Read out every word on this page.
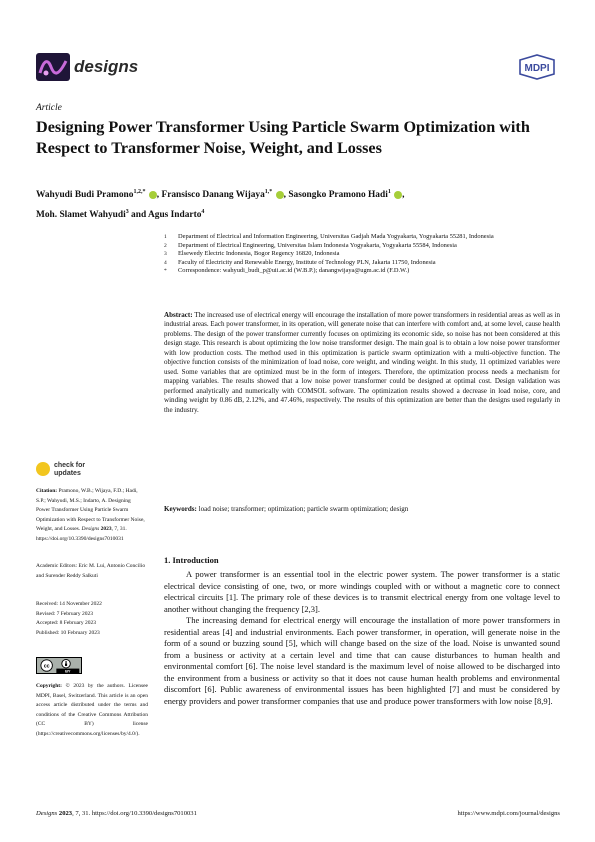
designs	MDPI
Article
Designing Power Transformer Using Particle Swarm Optimization with Respect to Transformer Noise, Weight, and Losses
Wahyudi Budi Pramono$^{1,2,*}$ , Fransisco Danang Wijaya$^{1,*}$ , Sasongko Pramono Hadi$^1$ ,
Moh. Slamet Wahyudi$^3$ and Agus Indarto$^4$
1 Department of Electrical and Information Engineering, Universitas Gadjah Mada Yogyakarta, Yogyakarta 55281, Indonesia
2 Department of Electrical Engineering, Universitas Islam Indonesia Yogyakarta, Yogyakarta 55584, Indonesia
3 Elsewedy Electric Indonesia, Bogor Regency 16820, Indonesia
4 Faculty of Electricity and Renewable Energy, Institute of Technology PLN, Jakarta 11750, Indonesia
* Correspondence: wahyudi_budi_p@uii.ac.id (W.B.P.); danangwijaya@ugm.ac.id (F.D.W.)
Abstract: The increased use of electrical energy will encourage the installation of more power transformers in residential areas as well as in industrial areas. Each power transformer, in its operation, will generate noise that can interfere with comfort and, at some level, cause health problems. The design of the power transformer currently focuses on optimizing its economic side, so noise has not been considered at this design stage. This research is about optimizing the low noise transformer design. The main goal is to obtain a low noise power transformer with low production costs. The method used in this optimization is particle swarm optimization with a multi-objective function. The objective function consists of the minimization of load noise, core weight, and winding weight. In this study, 11 optimized variables were used. Some variables that are optimized must be in the form of integers. Therefore, the optimization process needs a mechanism for mapping variables. The results showed that a low noise power transformer could be designed at optimal cost. Design validation was performed analytically and numerically with COMSOL software. The optimization results showed a decrease in load noise, core, and winding weight by 0.86 dB, 2.12%, and 47.46%, respectively. The results of this optimization are better than the designs used regularly in the industry.
Keywords: load noise; transformer; optimization; particle swarm optimization; design
check for
updates
Citation: Pramono, W.B.; Wijaya, F.D.; Hadi, S.P.; Wahyudi, M.S.; Indarto, A. Designing Power Transformer Using Particle Swarm Optimization with Respect to Transformer Noise, Weight, and Losses. Designs 2023, 7, 31. https://doi.org/10.3390/designs7010031
Academic Editors: Eric M. Lui, Antonio Concilio and Surender Reddy Salkuti
Received: 14 November 2022
Revised: 7 February 2023
Accepted: 8 February 2023
Published: 10 February 2023
cc
BY
Copyright: © 2023 by the authors. Licensee MDPI, Basel, Switzerland. This article is an open access article distributed under the terms and conditions of the Creative Commons Attribution (CC BY) license (https://creativecommons.org/licenses/by/4.0/).
1. Introduction

A power transformer is an essential tool in the electric power system. The power transformer is a static electrical device consisting of one, two, or more windings coupled with or without a magnetic core to connect electrical circuits [1]. The primary role of these devices is to transmit electrical energy from one voltage level to another without changing the frequency [2,3].

The increasing demand for electrical energy will encourage the installation of more power transformers in residential areas [4] and industrial environments. Each power transformer, in operation, will generate noise in the form of a sound or buzzing sound [5], which will change based on the size of the load. Noise is unwanted sound from a business or activity at a certain level and time that can cause disturbances to human health and environmental comfort [6]. The noise level standard is the maximum level of noise allowed to be discharged into the environment from a business or activity so that it does not cause human health problems and environmental discomfort [6]. Public awareness of environmental issues has been highlighted [7] and must be considered by energy providers and power transformer companies that use and produce power transformers with low noise [8,9].

Designs 2023, 7, 31. https://doi.org/10.3390/designs7010031	https://www.mdpi.com/journal/designs
